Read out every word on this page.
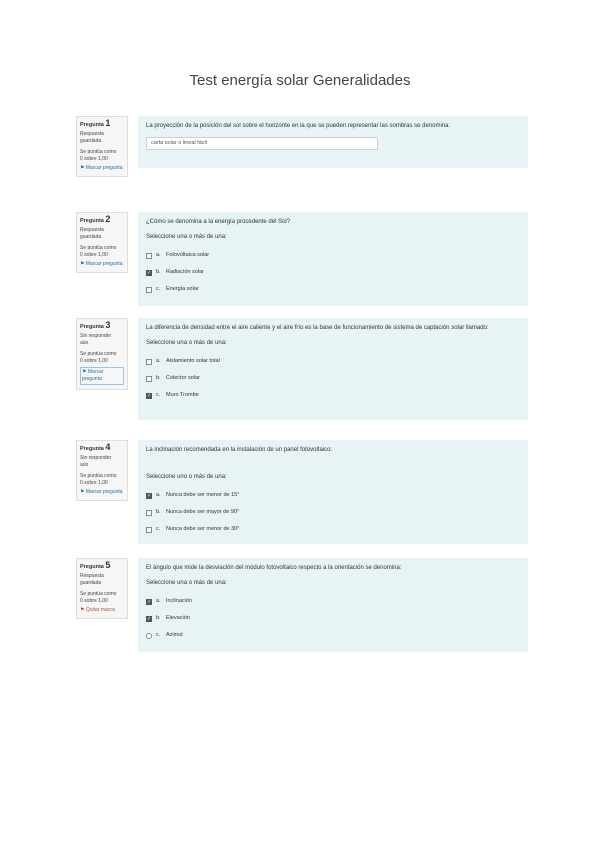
Test energía solar Generalidades
Pregunta 1
Respuesta
guardada
Se puntúa como
0 sobre 1,00
⚑ Marcar pregunta
La proyección de la posición del sol sobre el horizonte en la que se pueden representar las sombras se denomina:
carta solar o lineal fácil
Pregunta 2
Respuesta
guardada
Se puntúa como
0 sobre 1,00
⚑ Marcar pregunta
¿Cómo se denomina a la energía procedente del Sol?
Seleccione una o más de una:
a. Fotovoltaica solar
✓ b. Radiación solar
c.	Energía solar
Pregunta 3
Sin responder
aún
Se puntúa como
0 sobre 1,00
⚑ Marcar pregunta
La diferencia de densidad entre el aire caliente y el aire frío es la base de funcionamiento de sistema de captación solar llamado:
Seleccione una o más de una:
a. Aislamiento solar total
b. Colector solar
✓ c.	Muro Trombe
Pregunta 4
Sin responder
aún
Se puntúa como
0 sobre 1,00
⚑ Marcar pregunta
La inclinación recomendada en la instalación de un panel fotovoltaico:
Seleccione uno o más de una:
✓ a. Nunca debe ser menor de 15°
b. Nunca debe ser mayor de 90°
c.	Nunca debe ser menor de 30°
Pregunta 5
Respuesta
guardada
Se puntúa como
0 sobre 1,00
⚑ Quitar marca
El ángulo que mide la desviación del módulo fotovoltaico respecto a la orientación se denomina:
Seleccione una o más de una:
✓ a. Inclinación
✓ b. Elevación
c.	Azimut
